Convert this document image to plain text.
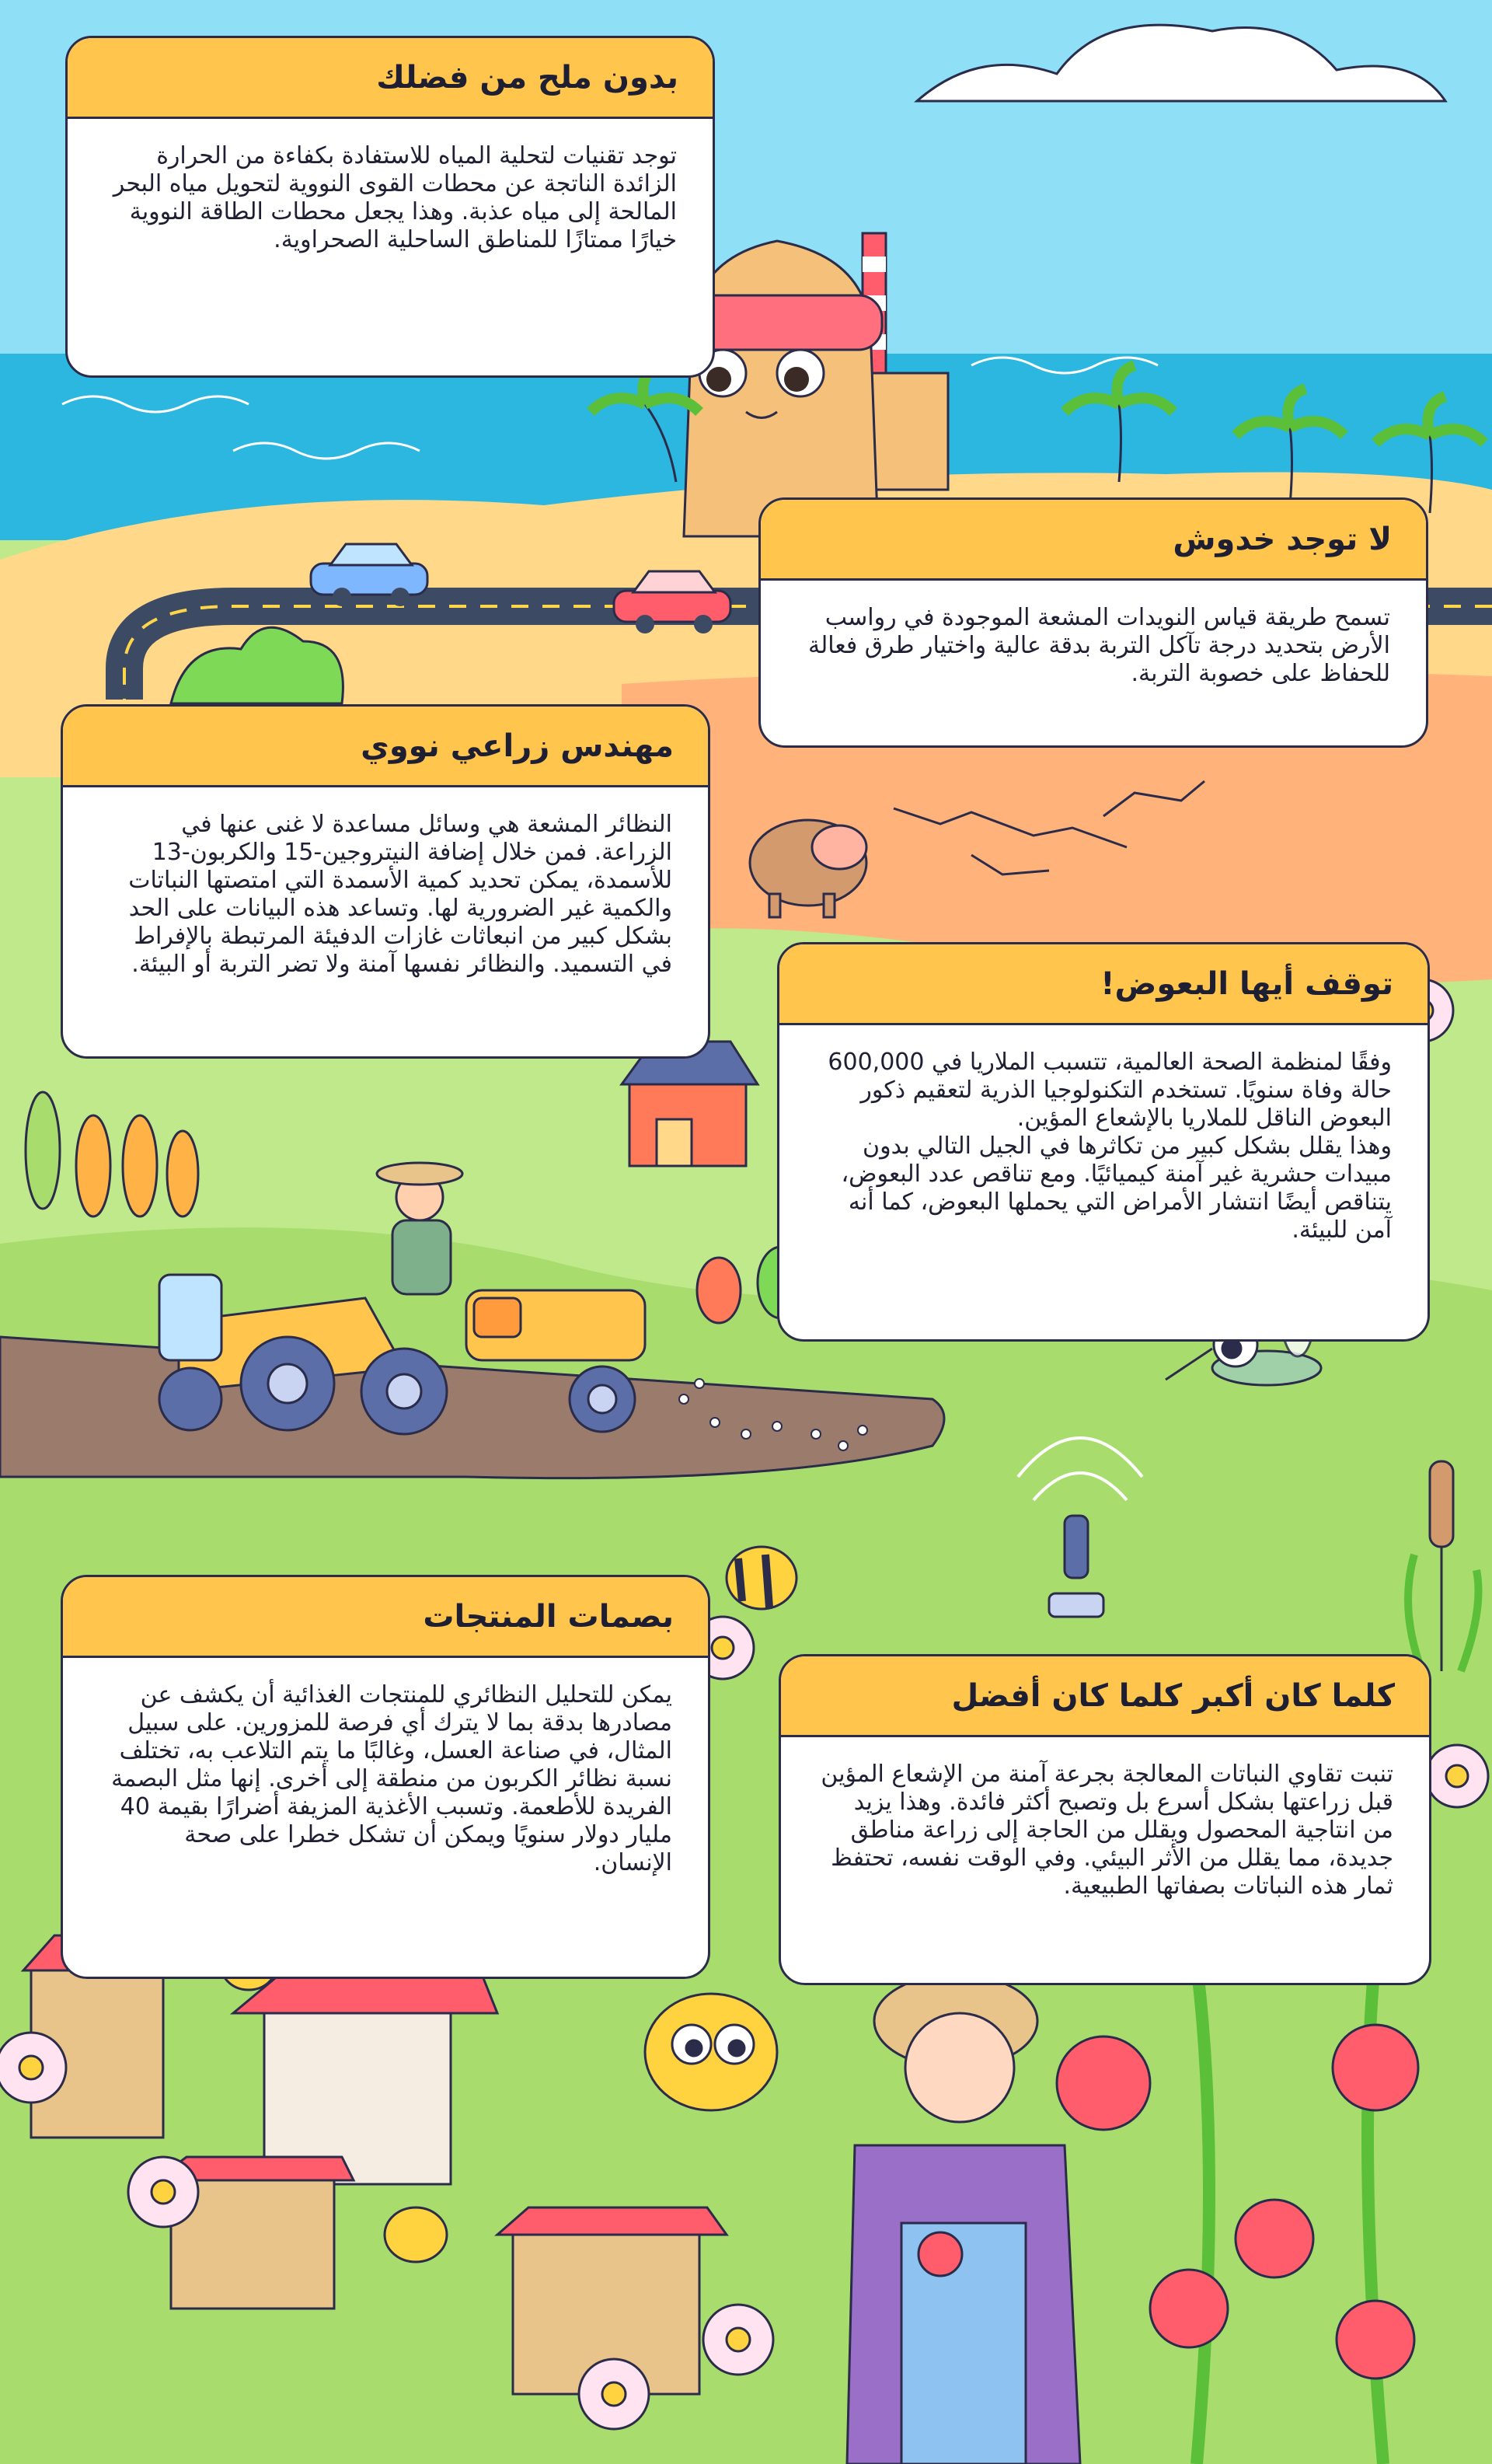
بدون ملح من فضلك
توجد تقنيات لتحلية المياه للاستفادة بكفاءة من الحرارة الزائدة الناتجة عن محطات القوى النووية لتحويل مياه البحر المالحة إلى مياه عذبة. وهذا يجعل محطات الطاقة النووية خيارًا ممتازًا للمناطق الساحلية الصحراوية.
لا توجد خدوش
تسمح طريقة قياس النويدات المشعة الموجودة في رواسب الأرض بتحديد درجة تآكل التربة بدقة عالية واختيار طرق فعالة للحفاظ على خصوبة التربة.
مهندس زراعي نووي
النظائر المشعة هي وسائل مساعدة لا غنى عنها في الزراعة. فمن خلال إضافة النيتروجين-15 والكربون-13 للأسمدة، يمكن تحديد كمية الأسمدة التي امتصتها النباتات والكمية غير الضرورية لها. وتساعد هذه البيانات على الحد بشكل كبير من انبعاثات غازات الدفيئة المرتبطة بالإفراط في التسميد. والنظائر نفسها آمنة ولا تضر التربة أو البيئة.
توقف أيها البعوض!
وفقًا لمنظمة الصحة العالمية، تتسبب الملاريا في 600,000 حالة وفاة سنويًا. تستخدم التكنولوجيا الذرية لتعقيم ذكور البعوض الناقل للملاريا بالإشعاع المؤين.
وهذا يقلل بشكل كبير من تكاثرها في الجيل التالي بدون مبيدات حشرية غير آمنة كيميائيًا. ومع تناقص عدد البعوض، يتناقص أيضًا انتشار الأمراض التي يحملها البعوض، كما أنه آمن للبيئة.
بصمات المنتجات
يمكن للتحليل النظائري للمنتجات الغذائية أن يكشف عن مصادرها بدقة بما لا يترك أي فرصة للمزورين. على سبيل المثال، في صناعة العسل، وغالبًا ما يتم التلاعب به، تختلف نسبة نظائر الكربون من منطقة إلى أخرى. إنها مثل البصمة الفريدة للأطعمة. وتسبب الأغذية المزيفة أضرارًا بقيمة 40 مليار دولار سنويًا ويمكن أن تشكل خطرا على صحة الإنسان.
كلما كان أكبر كلما كان أفضل
تنبت تقاوي النباتات المعالجة بجرعة آمنة من الإشعاع المؤين قبل زراعتها بشكل أسرع بل وتصبح أكثر فائدة. وهذا يزيد من انتاجية المحصول ويقلل من الحاجة إلى زراعة مناطق جديدة، مما يقلل من الأثر البيئي. وفي الوقت نفسه، تحتفظ ثمار هذه النباتات بصفاتها الطبيعية.
